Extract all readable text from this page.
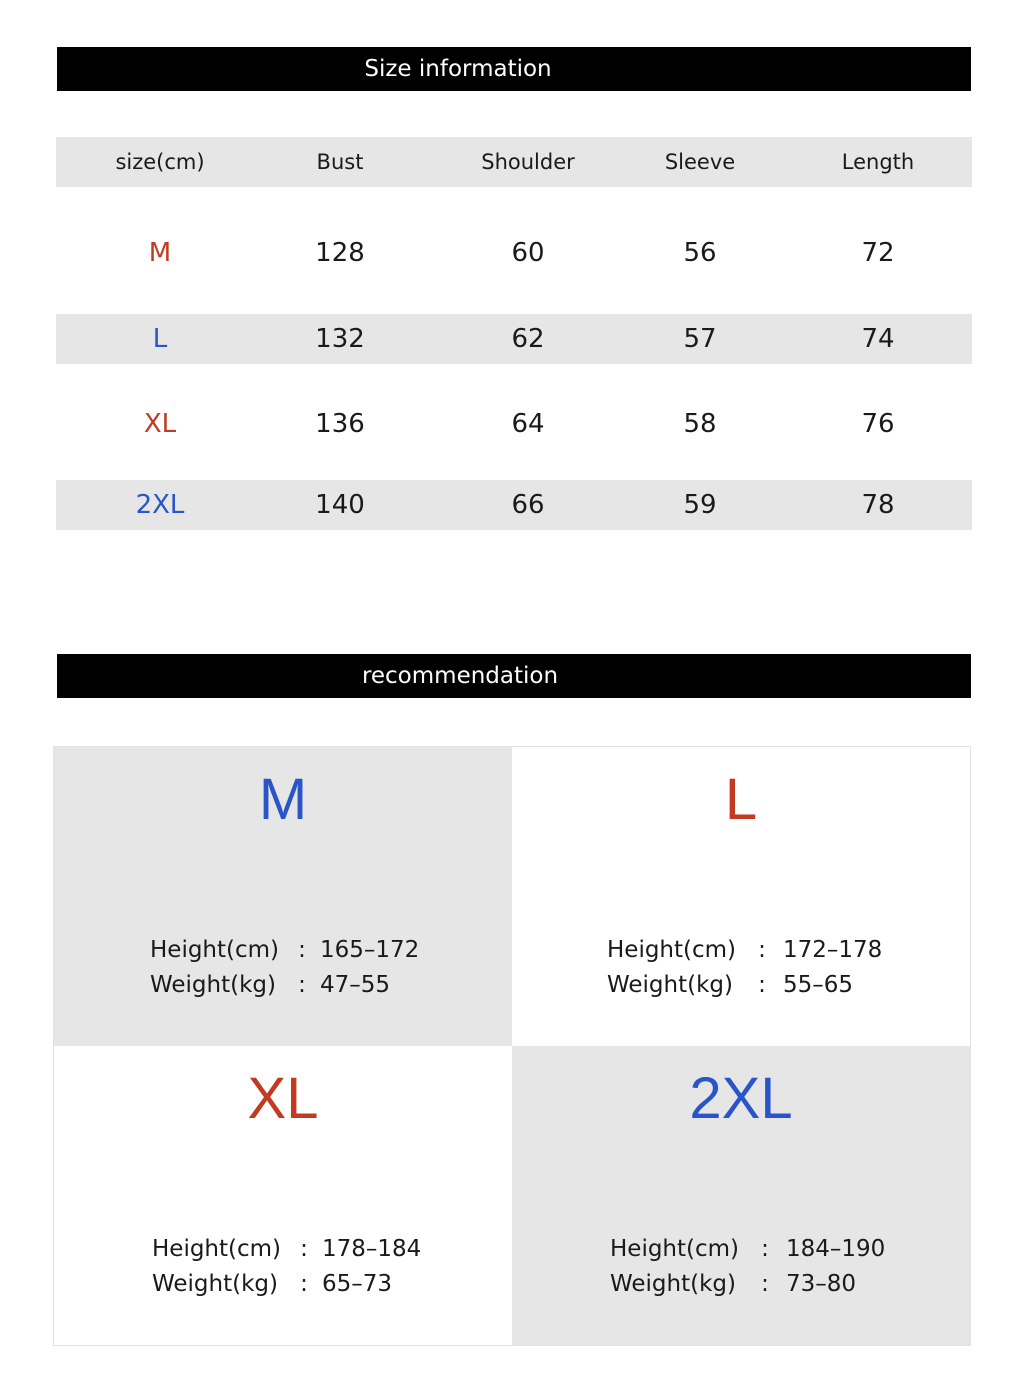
Size information
size(cm)	Bust	Shoulder	Sleeve	Length
M	128	60	56	72
L	132	62	57	74
XL	136	64	58	76
2XL	140	66	59	78
recommendation
M
Height(cm) : 165–172
Weight(kg) : 47–55
L
Height(cm) : 172–178
Weight(kg) : 55–65
XL
Height(cm) : 178–184
Weight(kg) : 65–73
2XL
Height(cm) : 184–190
Weight(kg) : 73–80
